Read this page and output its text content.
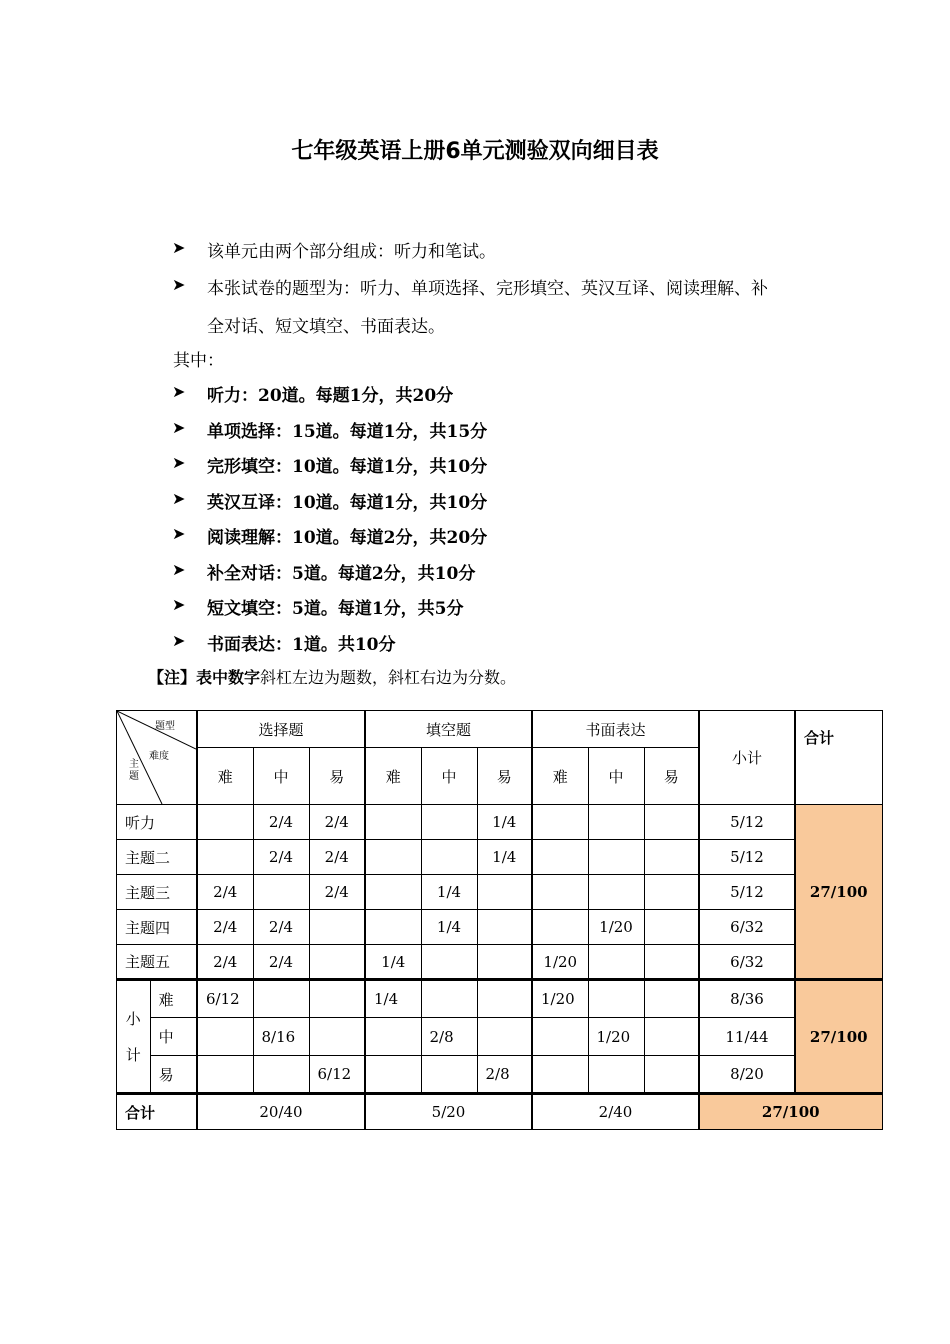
七年级英语上册6单元测验双向细目表
➤ 该单元由两个部分组成：听力和笔试。
➤ 本张试卷的题型为：听力、单项选择、完形填空、英汉互译、阅读理解、补
全对话、短文填空、书面表达。
其中：
➤ 听力：20道。每题1分，共20分
➤ 单项选择：15道。每道1分，共15分
➤ 完形填空：10道。每道1分，共10分
➤ 英汉互译：10道。每道1分，共10分
➤ 阅读理解：10道。每道2分，共20分
➤ 补全对话：5道。每道2分，共10分
➤ 短文填空：5道。每道1分，共5分
➤ 书面表达：1道。共10分
【注】表中数字斜杠左边为题数，斜杠右边为分数。
题型
难度
主
题		选择题			填空题			书面表达			小计	合计
		难	中	易	难	中	易	难	中	易		
听力			2/4	2/4			1/4				5/12	27/100
主题二			2/4	2/4			1/4				5/12	
主题三		2/4		2/4		1/4					5/12	
主题四		2/4	2/4			1/4			1/20		6/32	
主题五		2/4	2/4		1/4			1/20			6/32	

小
计	难	6/12			1/4			1/20			8/36	27/100
	中		8/16			2/8			1/20		11/44	
	易			6/12			2/8				8/20	
合计		20/40			5/20			2/40			27/100	
